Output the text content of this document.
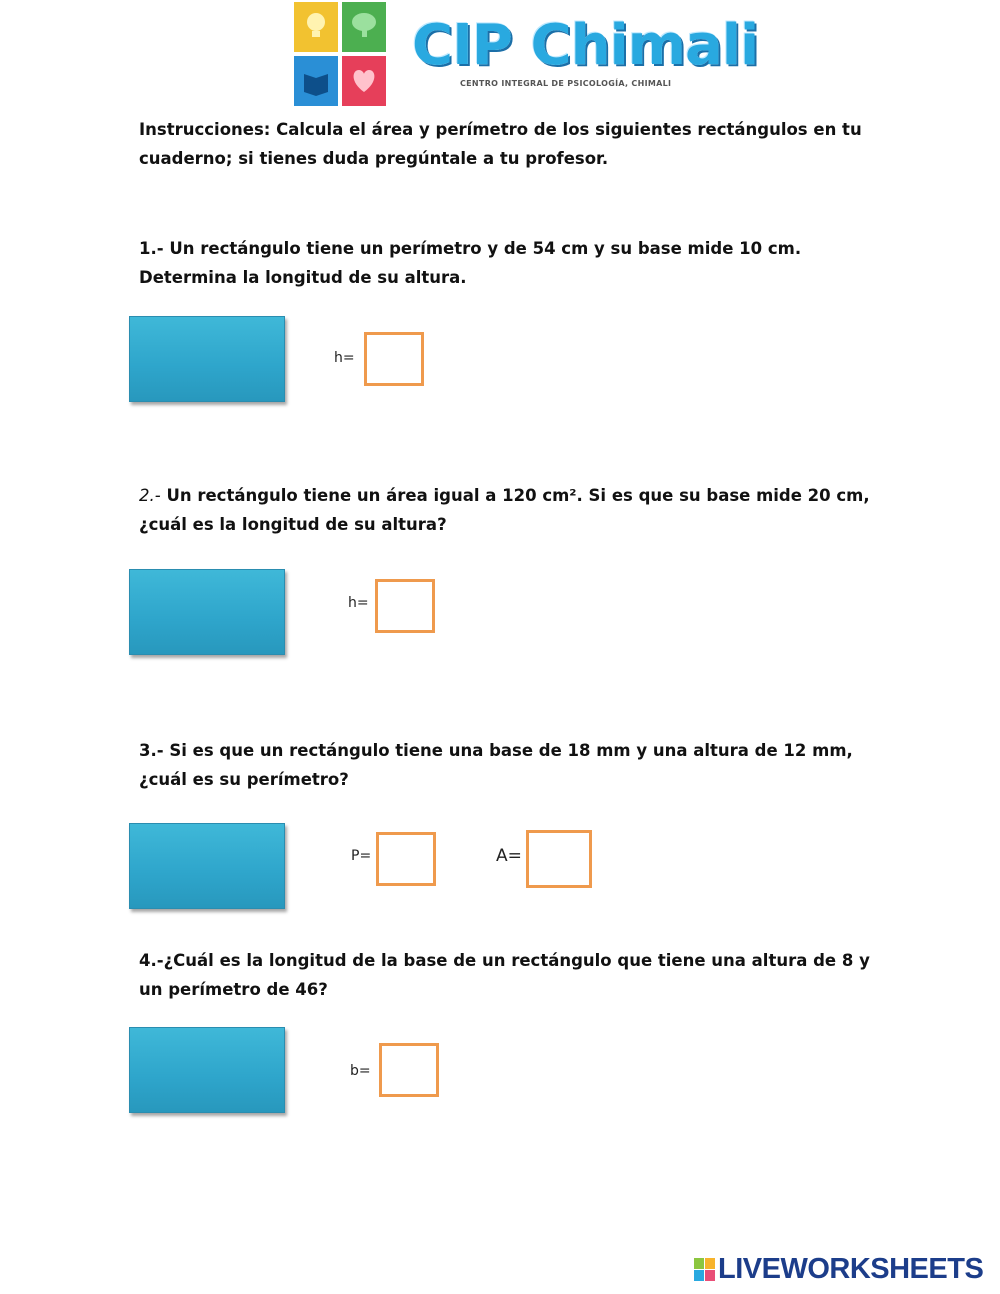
CIP Chimali
CENTRO INTEGRAL DE PSICOLOGÍA, CHIMALI
Instrucciones: Calcula el área y perímetro de los siguientes rectángulos en tu
cuaderno; si tienes duda pregúntale a tu profesor.
1.- Un rectángulo tiene un perímetro y de 54 cm y su base mide 10 cm.
Determina la longitud de su altura.
h=
2.- Un rectángulo tiene un área igual a 120 cm². Si es que su base mide 20 cm,
¿cuál es la longitud de su altura?
h=
3.- Si es que un rectángulo tiene una base de 18 mm y una altura de 12 mm,
¿cuál es su perímetro?
P=	A=
4.-¿Cuál es la longitud de la base de un rectángulo que tiene una altura de 8 y
un perímetro de 46?
b=
LIVEWORKSHEETS
